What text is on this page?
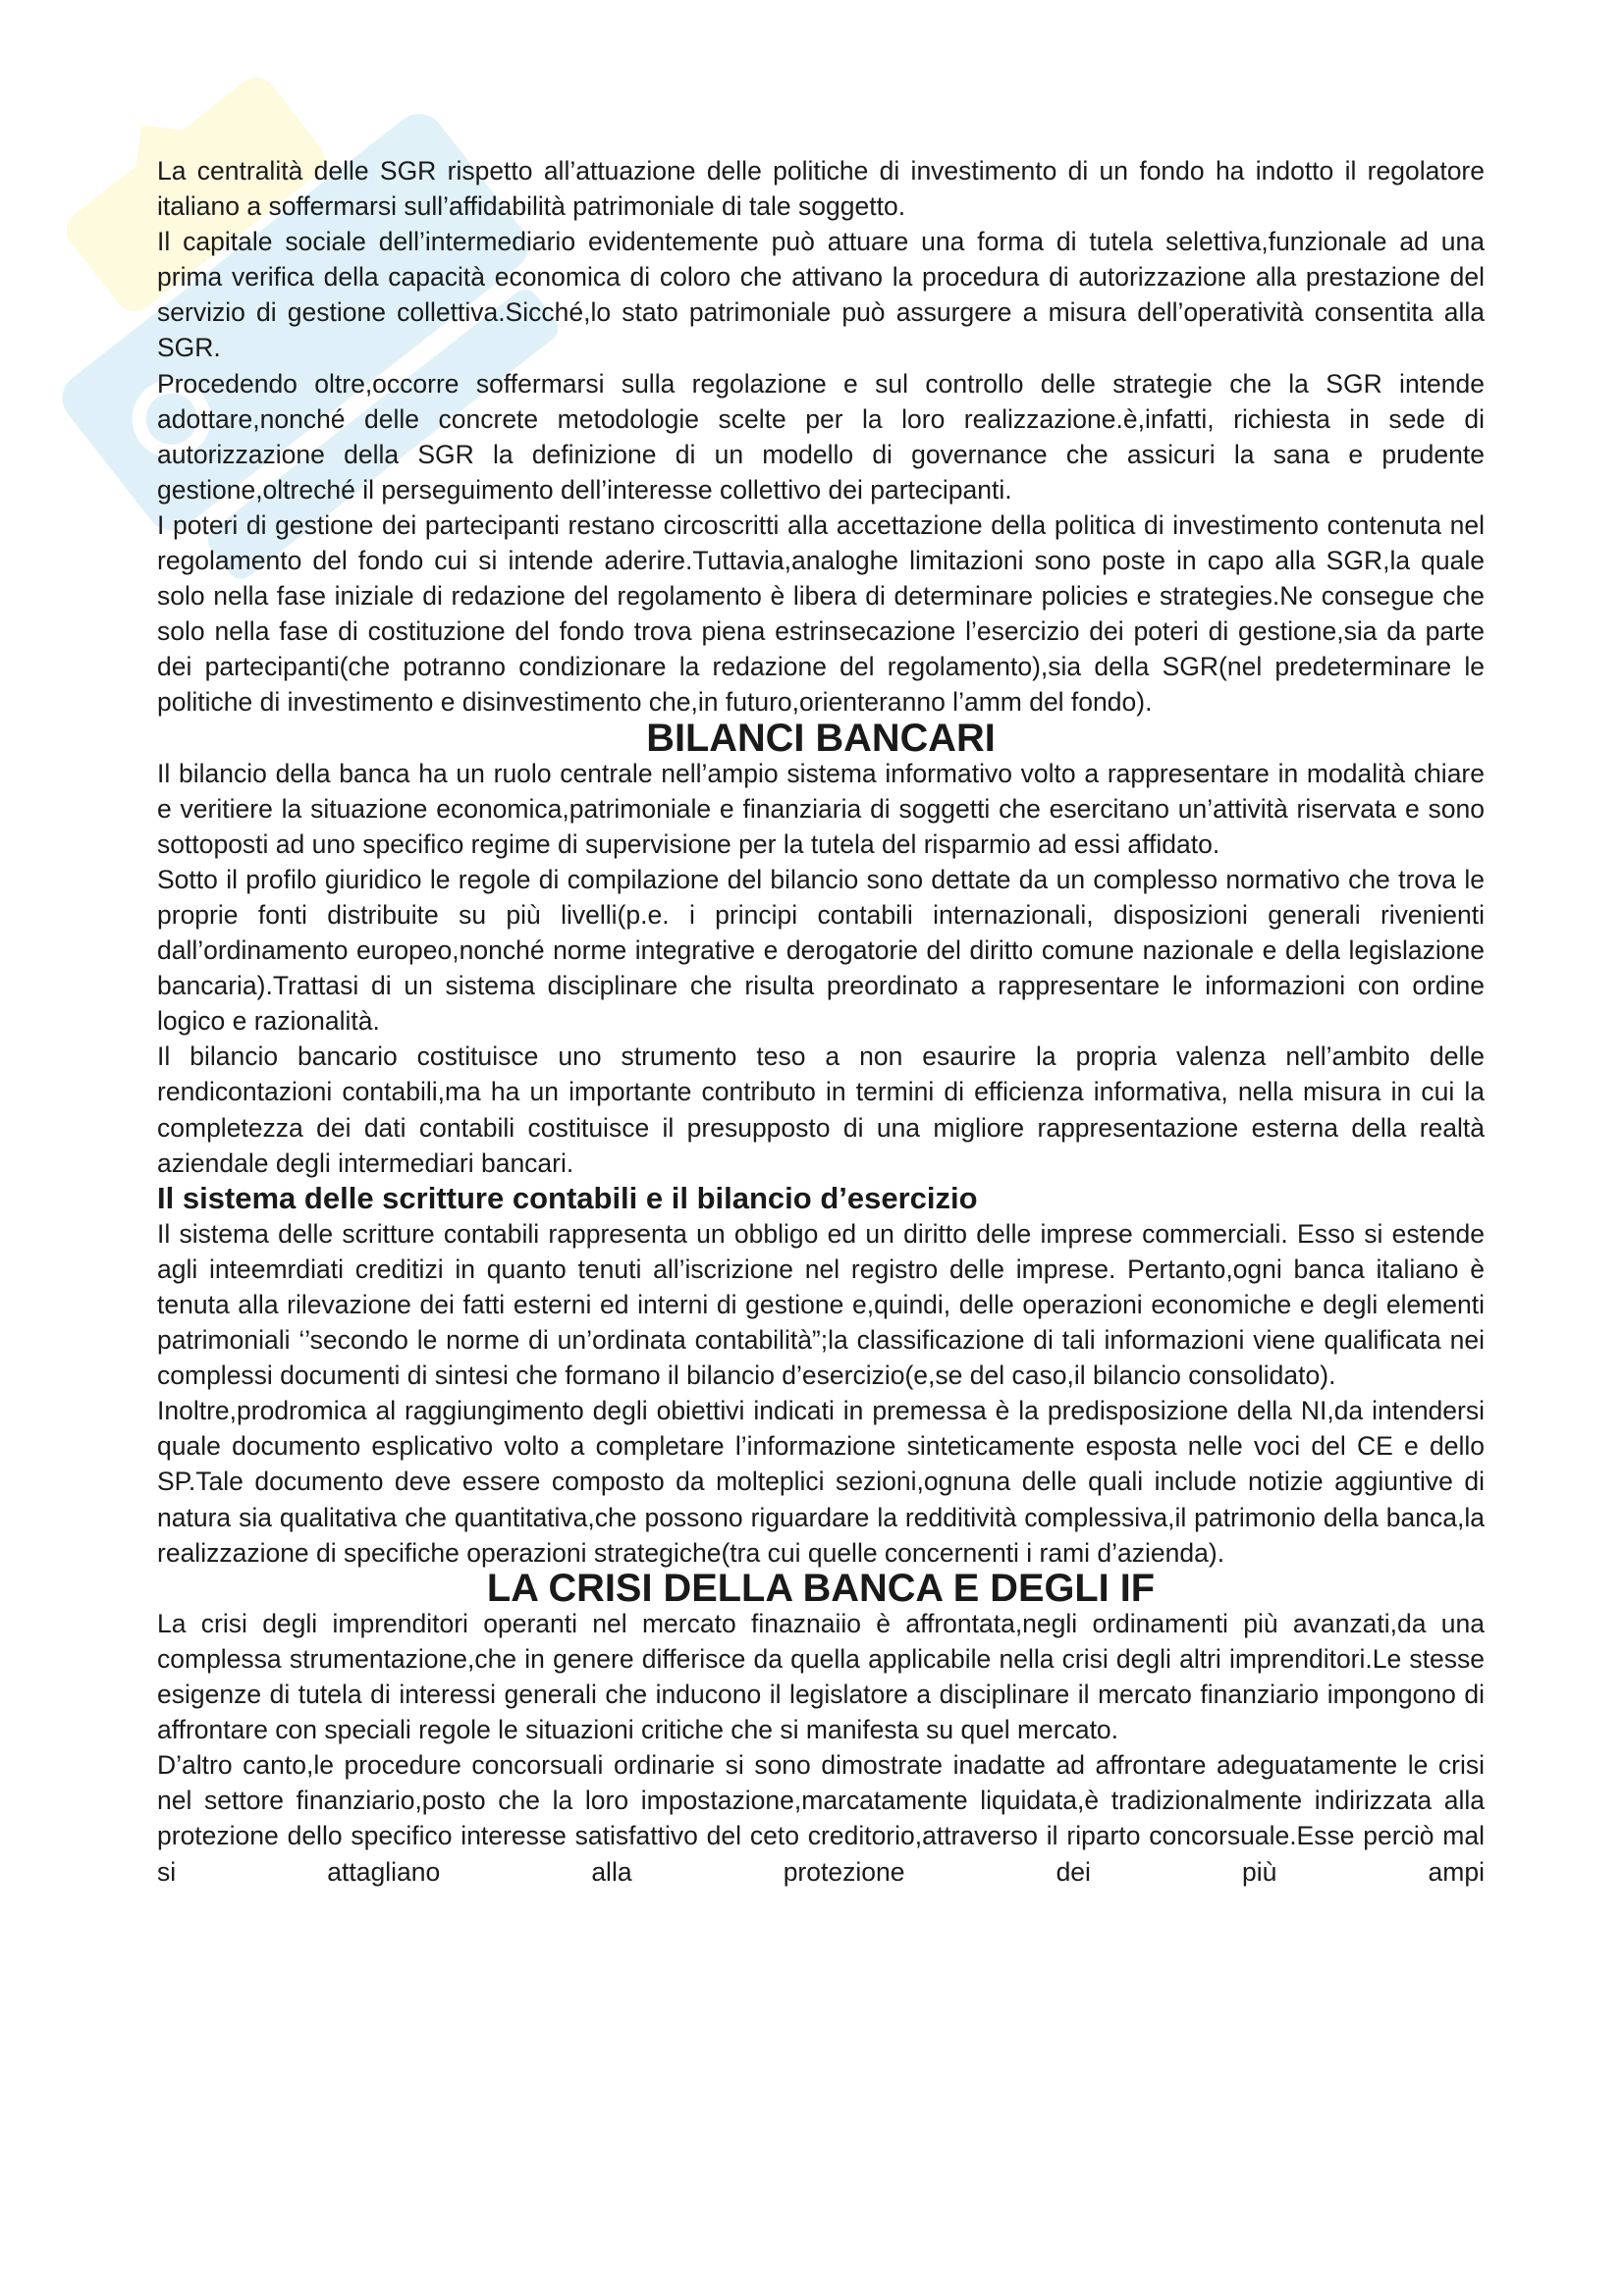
La centralità delle SGR rispetto all’attuazione delle politiche di investimento di un fondo ha indotto il regolatore italiano a soffermarsi sull’affidabilità patrimoniale di tale soggetto.

Il capitale sociale dell’intermediario evidentemente può attuare una forma di tutela selettiva,funzionale ad una prima verifica della capacità economica di coloro che attivano la procedura di autorizzazione alla prestazione del servizio di gestione collettiva.Sicché,lo stato patrimoniale può assurgere a misura dell’operatività consentita alla SGR.

Procedendo oltre,occorre soffermarsi sulla regolazione e sul controllo delle strategie che la SGR intende adottare,nonché delle concrete metodologie scelte per la loro realizzazione.è,infatti, richiesta in sede di autorizzazione della SGR la definizione di un modello di governance che assicuri la sana e prudente gestione,oltreché il perseguimento dell’interesse collettivo dei partecipanti.

I poteri di gestione dei partecipanti restano circoscritti alla accettazione della politica di investimento contenuta nel regolamento del fondo cui si intende aderire.Tuttavia,analoghe limitazioni sono poste in capo alla SGR,la quale solo nella fase iniziale di redazione del regolamento è libera di determinare policies e strategies.Ne consegue che solo nella fase di costituzione del fondo trova piena estrinsecazione l’esercizio dei poteri di gestione,sia da parte dei partecipanti(che potranno condizionare la redazione del regolamento),sia della SGR(nel predeterminare le politiche di investimento e disinvestimento che,in futuro,orienteranno l’amm del fondo).

BILANCI BANCARI

Il bilancio della banca ha un ruolo centrale nell’ampio sistema informativo volto a rappresentare in modalità chiare e veritiere la situazione economica,patrimoniale e finanziaria di soggetti che esercitano un’attività riservata e sono sottoposti ad uno specifico regime di supervisione per la tutela del risparmio ad essi affidato.

Sotto il profilo giuridico le regole di compilazione del bilancio sono dettate da un complesso normativo che trova le proprie fonti distribuite su più livelli(p.e. i principi contabili internazionali, disposizioni generali rivenienti dall’ordinamento europeo,nonché norme integrative e derogatorie del diritto comune nazionale e della legislazione bancaria).Trattasi di un sistema disciplinare che risulta preordinato a rappresentare le informazioni con ordine logico e razionalità.

Il bilancio bancario costituisce uno strumento teso a non esaurire la propria valenza nell’ambito delle rendicontazioni contabili,ma ha un importante contributo in termini di efficienza informativa, nella misura in cui la completezza dei dati contabili costituisce il presupposto di una migliore rappresentazione esterna della realtà aziendale degli intermediari bancari.

Il sistema delle scritture contabili e il bilancio d’esercizio

Il sistema delle scritture contabili rappresenta un obbligo ed un diritto delle imprese commerciali. Esso si estende agli inteemrdiati creditizi in quanto tenuti all’iscrizione nel registro delle imprese. Pertanto,ogni banca italiano è tenuta alla rilevazione dei fatti esterni ed interni di gestione e,quindi, delle operazioni economiche e degli elementi patrimoniali ‘’secondo le norme di un’ordinata contabilità”;la classificazione di tali informazioni viene qualificata nei complessi documenti di sintesi che formano il bilancio d’esercizio(e,se del caso,il bilancio consolidato).

Inoltre,prodromica al raggiungimento degli obiettivi indicati in premessa è la predisposizione della NI,da intendersi quale documento esplicativo volto a completare l’informazione sinteticamente esposta nelle voci del CE e dello SP.Tale documento deve essere composto da molteplici sezioni,ognuna delle quali include notizie aggiuntive di natura sia qualitativa che quantitativa,che possono riguardare la redditività complessiva,il patrimonio della banca,la realizzazione di specifiche operazioni strategiche(tra cui quelle concernenti i rami d’azienda).

LA CRISI DELLA BANCA E DEGLI IF

La crisi degli imprenditori operanti nel mercato finaznaiio è affrontata,negli ordinamenti più avanzati,da una complessa strumentazione,che in genere differisce da quella applicabile nella crisi degli altri imprenditori.Le stesse esigenze di tutela di interessi generali che inducono il legislatore a disciplinare il mercato finanziario impongono di affrontare con speciali regole le situazioni critiche che si manifesta su quel mercato.

D’altro canto,le procedure concorsuali ordinarie si sono dimostrate inadatte ad affrontare adeguatamente le crisi nel settore finanziario,posto che la loro impostazione,marcatamente liquidata,è tradizionalmente indirizzata alla protezione dello specifico interesse satisfattivo del ceto creditorio,attraverso il riparto concorsuale.Esse perciò mal si attagliano alla protezione dei più ampi
